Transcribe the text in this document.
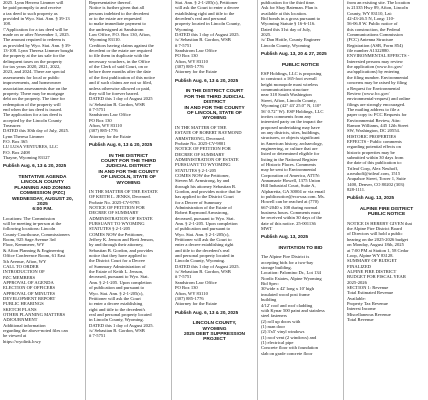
2025. Lynn Herrera Limmer will

be paid promptly to and receive

a tax deed to such property as

provided in Wyo. Stat. Ann. § 39-13

108.

\"Application for a tax deed will be

made on or after November 1, 2025.

The amount required to redeem is

as provided by Wyo. Stat. Ann. § 39-

13-108. Lynn Theresa Limmer bought

the property at the tax sale for the

delinquent taxes on the property

for tax years 2020, 2021, 2022,

2023, and 2024. There are special

assessments for local or public

improvements, and homeowner

association assessments due on the

property. There may be mortgage

debt on the property. The time for

redemption of the property will

end when the tax deed is issued.

The application for a tax deed is

accepted by the Lincoln County

Treasurer.

DATED this 30th day of July, 2025.

Lynn Theresa Limmer

P.O. Box 365

LU LUSA VENTURES, LLC

P.O. Box 2408

Thayne, Wyoming 83127

Publish Aug. 6, 13 & 20, 2025

TENTATIVE AGENDA

LINCOLN COUNTY

PLANNING AND ZONING

COMMISSION (PZC)

WEDNESDAY, AUGUST 20,

2025

6:00 P.M.

Locations: The Commission

will be meeting in-person at the

following locations: Lincoln

County Courthouse, Commissioners

Room, 925 Sage Avenue 3rd

Floor, Kemmerer, WY

& Afton Planning & Engineering

Office Conference Room, 61 East

5th Avenue, Afton, WY

CALL TO ORDER

INTRODUCTION OF

PZC MEMBERS

APPROVAL OF AGENDA

ELECTION OF OFFICERS

APPROVAL OF MINUTES

DEVELOPMENT REPORT

PUBLIC HEARINGS

SKETCH PLANS

OTHER PLANNING MATTERS

ADJOURNMENT

Additional information

regarding the above-noted files can

be viewed at

https://wyolink.lcwy

Representative thereof.

Notice is further given that all

persons indebted to the decedent

or to the estate are requested

to make immediate payment to

the undersigned at Sandstrom

Law Office, P.O. Box 130, Afton,

Wyoming 83110.

Creditors having claims against the

decedent or the estate are required

to file them in duplicate with the

necessary vouchers, in the Office

of the Clerk of said Court, on or

before three months after the date

of the first publication of this notice

and if such claims are not so filed,

unless otherwise allowed or paid,

they will be forever barred.

DATED this 1 day of August 2025

/s/ Sebastian B. Gordon, WSB

# 7-5751

Sandstrom Law Office

PO Box 130

Afton, WY 83110

(307) 885-1776

Attorney for the Estate

Publish Aug. 6, 13 & 20, 2025

IN THE DISTRICT

COURT FOR THE THIRD

JUDICIAL DISTRICT

IN AND FOR THE COUNTY

OF LINCOLN, STATE OF

WYOMING

IN THE MATTER OF THE ESTATE

OF KEITH L. JENKS, Deceased.

Probate No. 2025-CV-9795

NOTICE OF PETITION FOR

DECREE OF SUMMARY

ADMINISTRATION OF ESTATE

PURSUANT TO WYOMING

STATUTES § 2-1-205

COMES NOW the Petitioner,

Jeffrey K. Jenson and Brett Jenson,

by and through their attorney,

Sebastian B. Gordon, and provides

notice that they have applied to

the District Court for a Decree

of Summary Administration of

the Estate of Keith L. Jenson,

deceased, pursuant to Wyo. Stat.

Ann. § 2-1-205. Upon completion

of publication and pursuant to

Wyo. Stat. Ann. § 2-1-205(c),

Petitioner will ask the Court

to enter a decree establishing

right and title to the decedent's

real and personal property located

in Lincoln County, Wyoming.

DATED this 1 day of August 2025.

/s/ Sebastian B. Gordon, WSB

# 7-5751

Stat. Ann. § 2-1-205(c), Petitioner

will ask the Court to enter a decree

establishing right and title to the

decedent's real and personal

property located in Lincoln County,

Wyoming.

DATED this 1 day of August 2025.

/s/ Sebastian B. Gordon, WSB

# 7-5751

Sandstrom Law Office

PO Box 130

Afton, WY 83110

(307) 885-1776

Attorney for the Estate

Publish Aug. 6, 13 & 20, 2025

IN THE DISTRICT COURT

FOR THE THIRD JUDICIAL

DISTRICT

IN AND FOR THE COUNTY

OF LINCOLN, STATE OF

WYOMING

IN THE MATTER OF THE

ESTATE OF ROBERT RAYMOND

ARMSTRONG, Deceased.

Probate No. 2025-CV-9801

NOTICE OF PETITION FOR

DECREE OF SUMMARY

ADMINISTRATION OF ESTATE

PURSUANT TO WYOMING

STATUTES § 2-1-205

COMES NOW the Petitioner,

Steven M. Armstrong, by and

through his attorney Sebastian B.

Gordon, and provides notice that he

has applied to the District Court

for a Decree of Summary

Administration of the Estate of

Robert Raymond Armstrong,

deceased, pursuant to Wyo. Stat.

Ann. § 2-1-205. Upon completion

of publication and pursuant to

Wyo. Stat. Ann. § 2-1-205(c),

Petitioner will ask the Court to

enter a decree establishing right

and title to the decedent's real

and personal property located in

Lincoln County, Wyoming.

DATED this 1 day of August 2025.

/s/ Sebastian B. Gordon, WSB

# 7-5751

Sandstrom Law Office

PO Box 130

Afton, WY 83110

(307) 885-1776

Attorney for the Estate

Publish Aug. 6, 13 & 20, 2025

LINCOLN COUNTY,

WYOMING

2025 DEBT SUPPRESSION

PROJECT

publication for the third time.

Ask for Shay Bateman. Plan is

available at this location.

Bid bonds in a gross pursuant to

Wyoming Statute § 16-6-116.

Dated this 31st day of July,

2025.

/s/ Dan Hottle, County Engineer

Lincoln County, Wyoming

Publish Aug. 13, 20 & 27, 2025

PUBLIC NOTICE

ESP Holdings, LLC is proposing

to construct a 165-foot overall

height monopole mast wireless

communications structure

near 318 South Washington

Street, Afton, Lincoln County,

Wyoming (42° 43' 25.0" N, 110°

56' 0.72" W). ESP Holdings, LLC

invites comments from any

interested party on the impact the

proposed undertaking may have

on any districts, sites, buildings,

structures, or objects significant

in American history, archaeology,

engineering, or culture that are

listed or determined eligible for

listing in the National Register

of Historic Places. Comments

may be sent to Environmental

Corporation of America, ATTN:

Annamarie Howell, 1375 Union

Hill Industrial Court, Suite A,

Alpharetta, GA 30004 or via email

to publicnotice@eca-usa.com. Ms.

Howell can be reached at (770)

667-2040 x 108 during normal

business hours. Comments must

be received within 30 days of the

date of this notice. 25-001136

MWT

Publish Aug. 13, 2025

INVITATION TO BID

The Alpine Fire District is

accepting bids for a two-bay

storage building.

Location: Palomino Dr., Lot 134

Nordic Estates, Alpine Wyoming

Bid Spec:

30'wide x 42' long x 10' high

insulated wood post frame

building

4/12' roof and roof cladding

with Kynar 500 paint and stainless

steel fasteners

(2) roll up doors with

(1) man door

(2) 3'x5' vinyl windows

(1) roof vent (2 windows) and

(1) electrical pipe

Concrete floor with foundation

slab on grade concrete floor

from an existing site. The location

is 21335 Hwy 89, Afton, Lincoln

County, WY 83110, Lat:

42-43-26.5 N, Long: 110-

56-06.8 W. Public notice of

this construction, the Federal

Communications Commission

(FCC) Antenna Structure

Registration (ASR, Form 854)

file number A1322880.

ENVIRONMENTAL EFFECTS -

Interested persons may review

the application (www.fcc.gov/

asr/applications) by entering

the filing number. Environmental

concerns may be raised by filing

a Request for Environmental

Review (www.fcc.gov/

environmental-request) and online

filings are strongly encouraged.

The mailing address to file a

paper copy is: FCC Requests for

Environmental Review, Attn:

Ramon Williams, 445 12th Street

SW, Washington, DC 20554.

HISTORIC PROPERTIES

EFFECTS - Public comments

regarding potential effects on

historic properties may be

submitted within 30 days from

the date of this publication to:

Trileaf Corp, Alex Neuhoff,

a.neuhoff@trileaf.com, 1515

Arapahoe Street, Tower 1, Suite

1400, Denver, CO 80202 (303)

828-1111.

Publish Aug. 13, 2025

ALPINE FIRE DISTRICT

PUBLIC NOTICE

NOTICE IS HEREBY GIVEN that

the Alpine Fire District Board

of Directors will hold a public

hearing on the 2025-2026 budget

on Monday, August 18th, 2025

at 7:00 PM at Station 1, 58 Cedar

Loop, Alpine WY 83128.

SUMMARY OF BUDGET

FINALIZED

ALPINE FIRE DISTRICT

BUDGET FOR FISCAL YEAR

2025-2026

SECTION 1: Revenue

Total Estimated Revenue

Available:

Property Tax Revenue

Interest Income

Miscellaneous Revenue

Total Revenue
